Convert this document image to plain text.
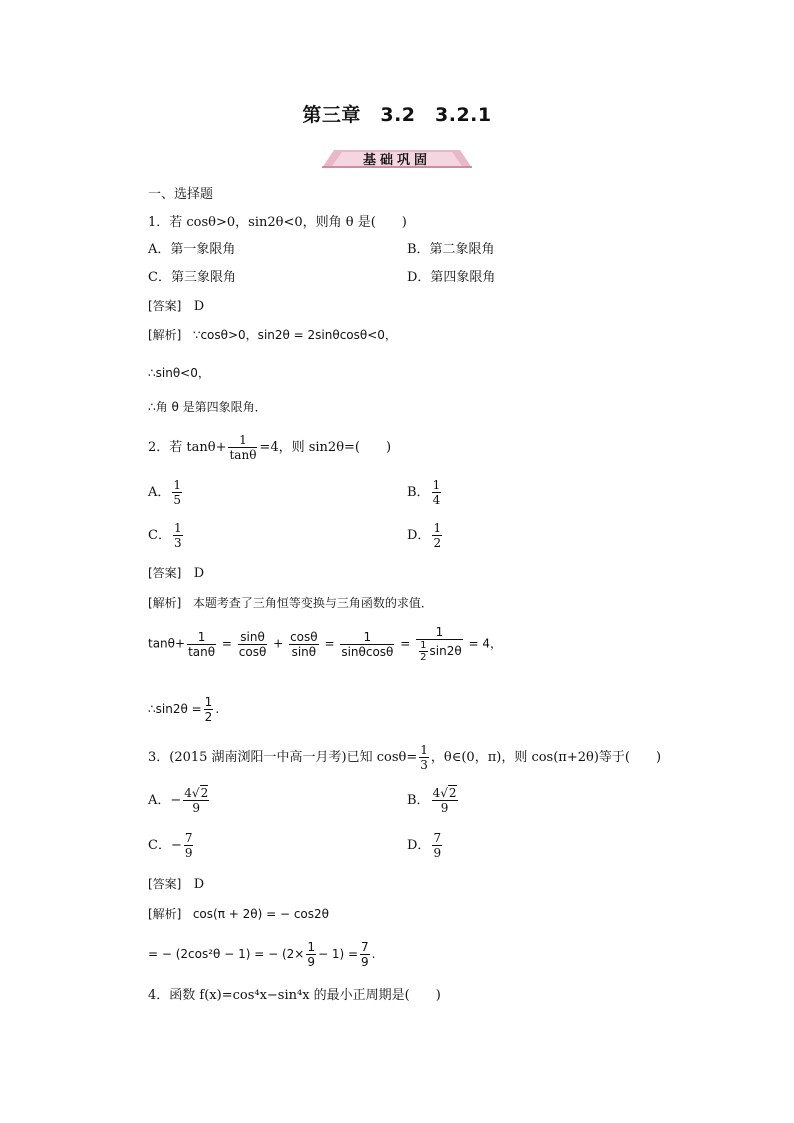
第三章　3.2　3.2.1
基础巩固
一、选择题
1．若 cosθ>0，sin2θ<0，则角 θ 是(　　)
A．第一象限角	B．第二象限角
C．第三象限角	D．第四象限角
[答案] D
[解析] ∵cosθ>0，sin2θ = 2sinθcosθ<0，
∴sinθ<0，
∴角 θ 是第四象限角．
2．若 $\tan\theta+ \frac{1}{\tan\theta} =4$，则 sin2θ=(　　)
A． $\frac{1}{5}$	B． $\frac{1}{4}$
C． $\frac{1}{3}$	D． $\frac{1}{2}$
[答案] D
[解析] 本题考查了三角恒等变换与三角函数的求值．
$\tan\theta+ \frac{1}{\tan\theta} = \frac{\sin\theta}{\cos\theta} + \frac{\cos\theta}{\sin\theta} = \frac{1}{\sin\theta\cos\theta} = \frac{1}{\frac{1}{2} \sin 2\theta} = 4$，
∴sin2θ = $\frac{1}{2}$ .
3．(2015 湖南浏阳一中高一月考)已知 $\cos\theta= \frac{1}{3}$ ，θ∈(0，π)，则 cos(π+2θ)等于(　　)
A．− $\frac{4√2}{9}$	B． $\frac{4√2}{9}$
C．− $\frac{7}{9}$	D． $\frac{7}{9}$
[答案] D
[解析] cos(π + 2θ) = − cos2θ
= − (2cos²θ − 1) = − $(2\times \frac{1}{9} - 1) = \frac{7}{9}$ .
4．函数 f(x)=cos⁴x−sin⁴x 的最小正周期是(　　)
